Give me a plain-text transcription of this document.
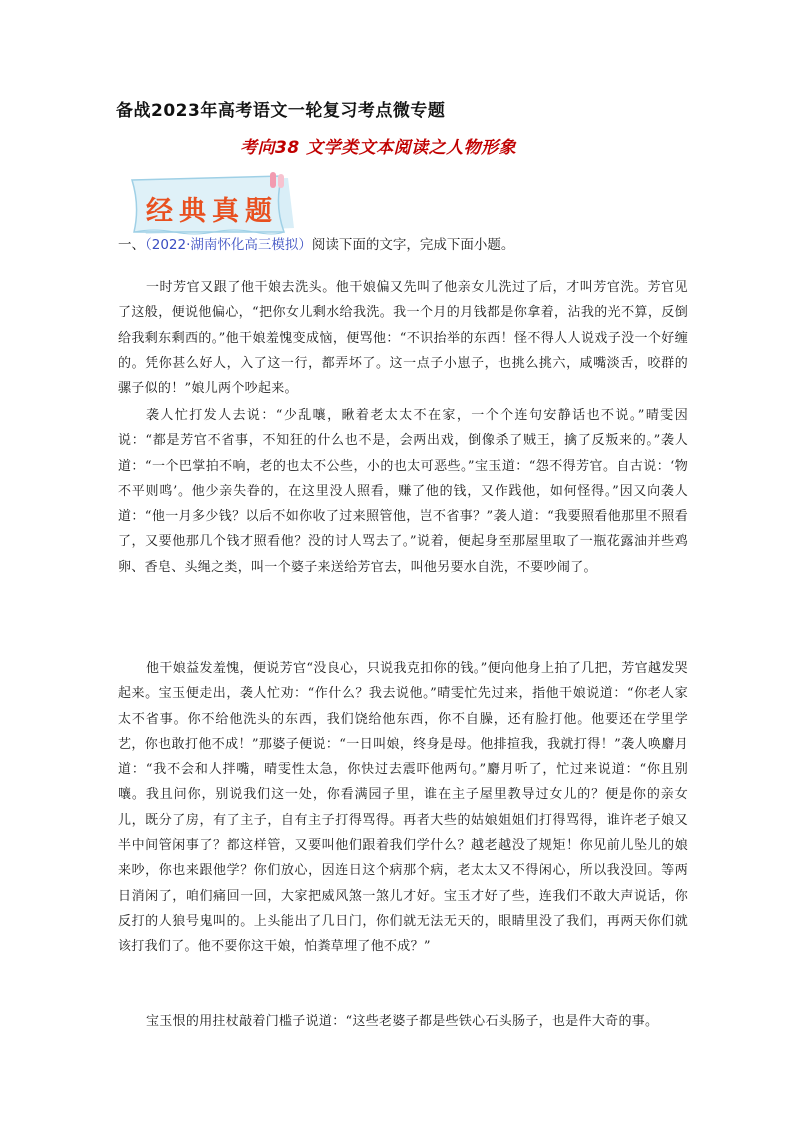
备战2023年高考语文一轮复习考点微专题
考向38 文学类文本阅读之人物形象
经典真题
一、（2022·湖南怀化高三模拟）阅读下面的文字，完成下面小题。

一时芳官又跟了他干娘去洗头。他干娘偏又先叫了他亲女儿洗过了后，才叫芳官洗。芳官见了这般，便说他偏心，“把你女儿剩水给我洗。我一个月的月钱都是你拿着，沾我的光不算，反倒给我剩东剩西的。”他干娘羞愧变成恼，便骂他：“不识抬举的东西！怪不得人人说戏子没一个好缠的。凭你甚么好人，入了这一行，都弄坏了。这一点子小崽子，也挑么挑六，咸嘴淡舌，咬群的骡子似的！”娘儿两个吵起来。

袭人忙打发人去说：“少乱嚷，瞅着老太太不在家，一个个连句安静话也不说。”晴雯因说：“都是芳官不省事，不知狂的什么也不是，会两出戏，倒像杀了贼王，擒了反叛来的。”袭人道：“一个巴掌拍不响，老的也太不公些，小的也太可恶些。”宝玉道：“怨不得芳官。自古说：‘物不平则鸣’。他少亲失眷的，在这里没人照看，赚了他的钱，又作践他，如何怪得。”因又向袭人道：“他一月多少钱？以后不如你收了过来照管他，岂不省事？”袭人道：“我要照看他那里不照看了，又要他那几个钱才照看他？没的讨人骂去了。”说着，便起身至那屋里取了一瓶花露油并些鸡卵、香皂、头绳之类，叫一个婆子来送给芳官去，叫他另要水自洗，不要吵闹了。

他干娘益发羞愧，便说芳官“没良心，只说我克扣你的钱。”便向他身上拍了几把，芳官越发哭起来。宝玉便走出，袭人忙劝：“作什么？我去说他。”晴雯忙先过来，指他干娘说道：“你老人家太不省事。你不给他洗头的东西，我们饶给他东西，你不自臊，还有脸打他。他要还在学里学艺，你也敢打他不成！”那婆子便说：“一日叫娘，终身是母。他排揎我，我就打得！”袭人唤麝月道：“我不会和人拌嘴，晴雯性太急，你快过去震吓他两句。”麝月听了，忙过来说道：“你且别嚷。我且问你，别说我们这一处，你看满园子里，谁在主子屋里教导过女儿的？便是你的亲女儿，既分了房，有了主子，自有主子打得骂得。再者大些的姑娘姐姐们打得骂得，谁许老子娘又半中间管闲事了？都这样管，又要叫他们跟着我们学什么？越老越没了规矩！你见前儿坠儿的娘来吵，你也来跟他学？你们放心，因连日这个病那个病，老太太又不得闲心，所以我没回。等两日消闲了，咱们痛回一回，大家把威风煞一煞儿才好。宝玉才好了些，连我们不敢大声说话，你反打的人狼号鬼叫的。上头能出了几日门，你们就无法无天的，眼睛里没了我们，再两天你们就该打我们了。他不要你这干娘，怕粪草埋了他不成？”

宝玉恨的用拄杖敲着门槛子说道：“这些老婆子都是些铁心石头肠子，也是件大奇的事。
